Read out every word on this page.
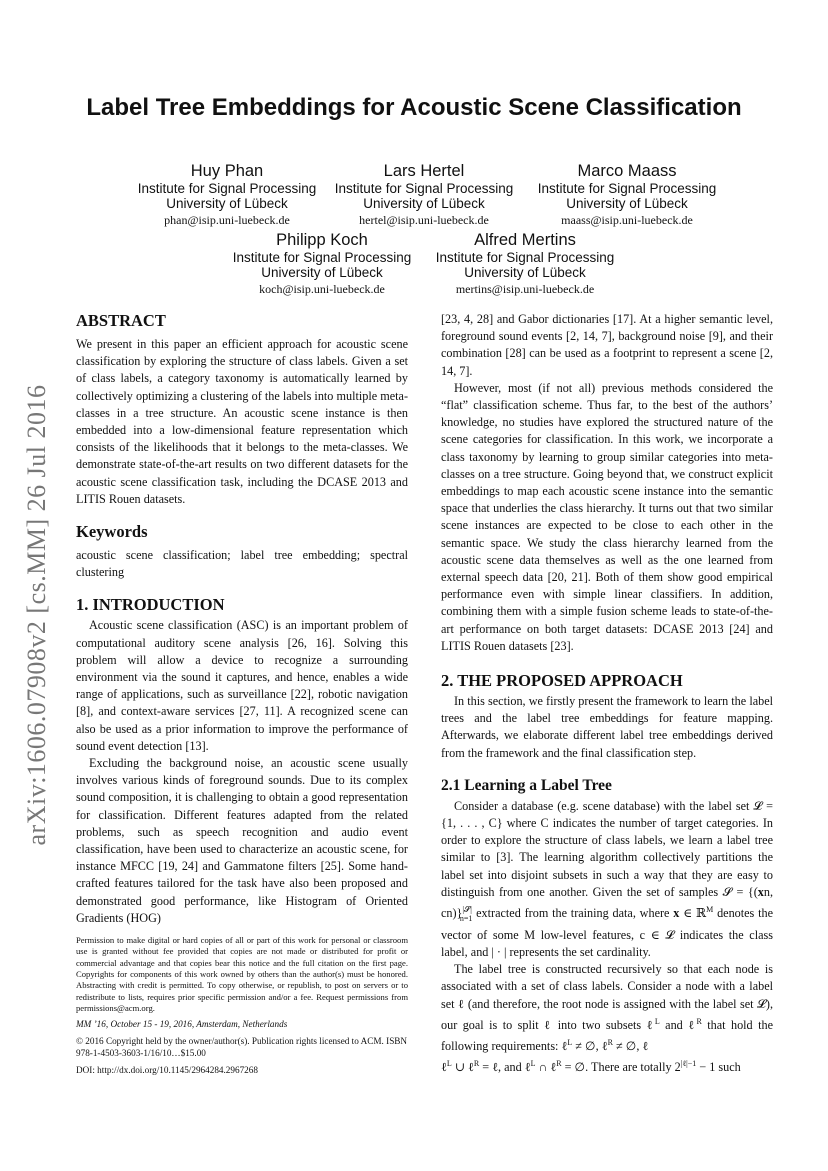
arXiv:1606.07908v2 [cs.MM] 26 Jul 2016
Label Tree Embeddings for Acoustic Scene Classification
Huy Phan
Institute for Signal Processing
University of Lübeck
phan@isip.uni-luebeck.de
Lars Hertel
Institute for Signal Processing
University of Lübeck
hertel@isip.uni-luebeck.de
Marco Maass
Institute for Signal Processing
University of Lübeck
maass@isip.uni-luebeck.de
Philipp Koch
Institute for Signal Processing
University of Lübeck
koch@isip.uni-luebeck.de
Alfred Mertins
Institute for Signal Processing
University of Lübeck
mertins@isip.uni-luebeck.de
ABSTRACT

We present in this paper an efficient approach for acoustic scene classification by exploring the structure of class labels. Given a set of class labels, a category taxonomy is automatically learned by collectively optimizing a clustering of the labels into multiple meta-classes in a tree structure. An acoustic scene instance is then embedded into a low-dimensional feature representation which consists of the likelihoods that it belongs to the meta-classes. We demonstrate state-of-the-art results on two different datasets for the acoustic scene classification task, including the DCASE 2013 and LITIS Rouen datasets.

Keywords

acoustic scene classification; label tree embedding; spectral clustering

1. INTRODUCTION

Acoustic scene classification (ASC) is an important problem of computational auditory scene analysis [26, 16]. Solving this problem will allow a device to recognize a surrounding environment via the sound it captures, and hence, enables a wide range of applications, such as surveillance [22], robotic navigation [8], and context-aware services [27, 11]. A recognized scene can also be used as a prior information to improve the performance of sound event detection [13].

Excluding the background noise, an acoustic scene usually involves various kinds of foreground sounds. Due to its complex sound composition, it is challenging to obtain a good representation for classification. Different features adapted from the related problems, such as speech recognition and audio event classification, have been used to characterize an acoustic scene, for instance MFCC [19, 24] and Gammatone filters [25]. Some hand-crafted features tailored for the task have also been proposed and demonstrated good performance, like Histogram of Oriented Gradients (HOG)

Permission to make digital or hard copies of all or part of this work for personal or classroom use is granted without fee provided that copies are not made or distributed for profit or commercial advantage and that copies bear this notice and the full citation on the first page. Copyrights for components of this work owned by others than the author(s) must be honored. Abstracting with credit is permitted. To copy otherwise, or republish, to post on servers or to redistribute to lists, requires prior specific permission and/or a fee. Request permissions from permissions@acm.org.
MM ’16, October 15 - 19, 2016, Amsterdam, Netherlands
© 2016 Copyright held by the owner/author(s). Publication rights licensed to ACM. ISBN 978-1-4503-3603-1/16/10…$15.00
DOI: http://dx.doi.org/10.1145/2964284.2967268

[23, 4, 28] and Gabor dictionaries [17]. At a higher semantic level, foreground sound events [2, 14, 7], background noise [9], and their combination [28] can be used as a footprint to represent a scene [2, 14, 7].

However, most (if not all) previous methods considered the “flat” classification scheme. Thus far, to the best of the authors’ knowledge, no studies have explored the structured nature of the scene categories for classification. In this work, we incorporate a class taxonomy by learning to group similar categories into meta-classes on a tree structure. Going beyond that, we construct explicit embeddings to map each acoustic scene instance into the semantic space that underlies the class hierarchy. It turns out that two similar scene instances are expected to be close to each other in the semantic space. We study the class hierarchy learned from the acoustic scene data themselves as well as the one learned from external speech data [20, 21]. Both of them show good empirical performance even with simple linear classifiers. In addition, combining them with a simple fusion scheme leads to state-of-the-art performance on both target datasets: DCASE 2013 [24] and LITIS Rouen datasets [23].

2. THE PROPOSED APPROACH

In this section, we firstly present the framework to learn the label trees and the label tree embeddings for feature mapping. Afterwards, we elaborate different label tree embeddings derived from the framework and the final classification step.

2.1 Learning a Label Tree

Consider a database (e.g. scene database) with the label set 𝓛 = {1, . . . , C} where C indicates the number of target categories. In order to explore the structure of class labels, we learn a label tree similar to [3]. The learning algorithm collectively partitions the label set into disjoint subsets in such a way that they are easy to distinguish from one another. Given the set of samples 𝓢 = {(xn, cn)}$^{|𝓢|}_{n=1}$ extracted from the training data, where x ∈ ℝ$^M$ denotes the vector of some M low-level features, c ∈ 𝓛 indicates the class label, and | · | represents the set cardinality.

The label tree is constructed recursively so that each node is associated with a set of class labels. Consider a node with a label set ℓ (and therefore, the root node is assigned with the label set 𝓛), our goal is to split ℓ into two subsets ℓ$^L$ and ℓ$^R$ that hold the following requirements: ℓ$^L$ ≠ ∅, ℓ$^R$ ≠ ∅, ℓ
ℓ$^L$ ∪ ℓ$^R$ = ℓ, and ℓ$^L$ ∩ ℓ$^R$ = ∅. There are totally $2^{|\ell|-1} - 1$ such
